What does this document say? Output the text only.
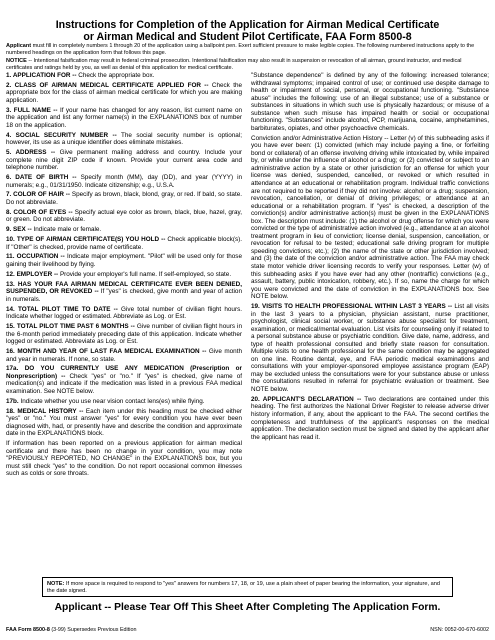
Instructions for Completion of the Application for Airman Medical Certificate
or Airman Medical and Student Pilot Certificate, FAA Form 8500-8
Applicant must fill in completely numbers 1 through 20 of the application using a ballpoint pen. Exert sufficient pressure to make legible copies. The following numbered instructions apply to the numbered headings on the application form that follows this page.
NOTICE -- Intentional falsification may result in federal criminal prosecution. Intentional falsification may also result in suspension or revocation of all airman, ground instructor, and medical certificates and ratings held by you, as well as denial of this application for medical certificate.

1. APPLICATION FOR -- Check the appropriate box.

2. CLASS OF AIRMAN MEDICAL CERTIFICATE APPLIED FOR -- Check the appropriate box for the class of airman medical certificate for which you are making application.

3. FULL NAME -- If your name has changed for any reason, list current name on the application and list any former name(s) in the EXPLANATIONS box of number 18 on the application.

4. SOCIAL SECURITY NUMBER -- The social security number is optional; however, its use as a unique identifier does eliminate mistakes.

5. ADDRESS -- Give permanent mailing address and country. Include your complete nine digit ZIP code if known. Provide your current area code and telephone number.

6. DATE OF BIRTH -- Specify month (MM), day (DD), and year (YYYY) in numerals; e.g., 01/31/1950. Indicate citizenship; e.g., U.S.A.

7. COLOR OF HAIR -- Specify as brown, black, blond, gray, or red. If bald, so state. Do not abbreviate.

8. COLOR OF EYES -- Specify actual eye color as brown, black, blue, hazel, gray, or green. Do not abbreviate.

9. SEX -- Indicate male or female.

10. TYPE OF AIRMAN CERTIFICATE(S) YOU HOLD -- Check applicable block(s). If "Other" is checked, provide name of certificate.

11. OCCUPATION -- Indicate major employment. "Pilot" will be used only for those gaining their livelihood by flying.

12. EMPLOYER -- Provide your employer's full name. If self-employed, so state.

13. HAS YOUR FAA AIRMAN MEDICAL CERTIFICATE EVER BEEN DENIED, SUSPENDED, OR REVOKED -- If "yes" is checked, give month and year of action in numerals.

14. TOTAL PILOT TIME TO DATE -- Give total number of civilian flight hours. Indicate whether logged or estimated. Abbreviate as Log. or Est.

15. TOTAL PILOT TIME PAST 6 MONTHS -- Give number of civilian flight hours in the 6-month period immediately preceding date of this application. Indicate whether logged or estimated. Abbreviate as Log. or Est.

16. MONTH AND YEAR OF LAST FAA MEDICAL EXAMINATION -- Give month and year in numerals. If none, so state.

17a. DO YOU CURRENTLY USE ANY MEDICATION (Prescription or Nonprescription) -- Check "yes" or "no." If "yes" is checked, give name of medication(s) and indicate if the medication was listed in a previous FAA medical examination. See NOTE below.

17b. Indicate whether you use near vision contact lens(es) while flying.

18. MEDICAL HISTORY -- Each item under this heading must be checked either "yes" or "no." You must answer "yes" for every condition you have ever been diagnosed with, had, or presently have and describe the condition and approximate date in the EXPLANATIONS block.

If information has been reported on a previous application for airman medical certificate and there has been no change in your condition, you may note "PREVIOUSLY REPORTED, NO CHANGE" in the EXPLANATIONS box, but you must still check "yes" to the condition. Do not report occasional common illnesses such as colds or sore throats.

"Substance dependence" is defined by any of the following: increased tolerance; withdrawal symptoms; impaired control of use; or continued use despite damage to health or impairment of social, personal, or occupational functioning. "Substance abuse" includes the following: use of an illegal substance; use of a substance or substances in situations in which such use is physically hazardous; or misuse of a substance when such misuse has impaired health or social or occupational functioning. "Substances" include alcohol, PCP, marijuana, cocaine, amphetamines, barbiturates, opiates, and other psychoactive chemicals.

Conviction and/or Administrative Action History -- Letter (v) of this subheading asks if you have ever been: (1) convicted (which may include paying a fine, or forfeiting bond or collateral) of an offense involving driving while intoxicated by, while impaired by, or while under the influence of alcohol or a drug; or (2) convicted or subject to an administrative action by a state or other jurisdiction for an offense for which your license was denied, suspended, cancelled, or revoked or which resulted in attendance at an educational or rehabilitation program. Individual traffic convictions are not required to be reported if they did not involve: alcohol or a drug; suspension, revocation, cancellation, or denial of driving privileges; or attendance at an educational or a rehabilitation program. If "yes" is checked, a description of the conviction(s) and/or administrative action(s) must be given in the EXPLANATIONS box. The description must include: (1) the alcohol or drug offense for which you were convicted or the type of administrative action involved (e.g., attendance at an alcohol treatment program in lieu of conviction; license denial, suspension, cancellation, or revocation for refusal to be tested; educational safe driving program for multiple speeding convictions; etc.); (2) the name of the state or other jurisdiction involved; and (3) the date of the conviction and/or administrative action. The FAA may check state motor vehicle driver licensing records to verify your responses. Letter (w) of this subheading asks if you have ever had any other (nontraffic) convictions (e.g., assault, battery, public intoxication, robbery, etc.). If so, name the charge for which you were convicted and the date of conviction in the EXPLANATIONS box. See NOTE below.

19. VISITS TO HEALTH PROFESSIONAL WITHIN LAST 3 YEARS -- List all visits in the last 3 years to a physician, physician assistant, nurse practitioner, psychologist, clinical social worker, or substance abuse specialist for treatment, examination, or medical/mental evaluation. List visits for counseling only if related to a personal substance abuse or psychiatric condition. Give date, name, address, and type of health professional consulted and briefly state reason for consultation. Multiple visits to one health professional for the same condition may be aggregated on one line. Routine dental, eye, and FAA periodic medical examinations and consultations with your employer-sponsored employee assistance program (EAP) may be excluded unless the consultations were for your substance abuse or unless the consultations resulted in referral for psychiatric evaluation or treatment. See NOTE below.

20. APPLICANT'S DECLARATION -- Two declarations are contained under this heading. The first authorizes the National Driver Register to release adverse driver history information, if any, about the applicant to the FAA. The second certifies the completeness and truthfulness of the applicant's responses on the medical application. The declaration section must be signed and dated by the applicant after the applicant has read it.

NOTE: If more space is required to respond to "yes" answers for numbers 17, 18, or 19, use a plain sheet of paper bearing the information, your signature, and the date signed.
Applicant -- Please Tear Off This Sheet After Completing The Application Form.
FAA Form 8500-8 (3-99) Supersedes Previous Edition	NSN: 0052-00-670-6002
